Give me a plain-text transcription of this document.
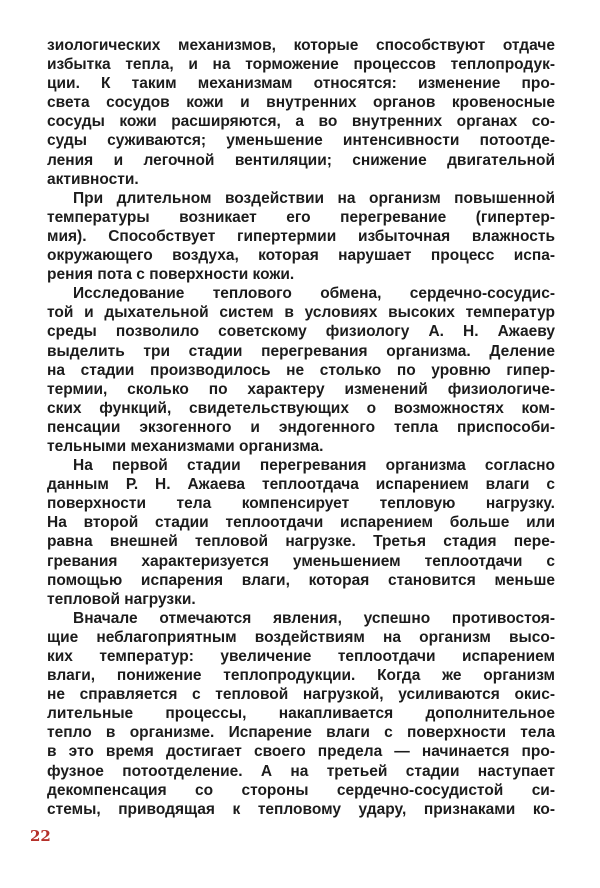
зиологических механизмов, которые способствуют отдаче
избытка тепла, и на торможение процессов теплопродук-
ции. К таким механизмам относятся: изменение про-
света сосудов кожи и внутренних органов кровеносные
сосуды кожи расширяются, а во внутренних органах со-
суды суживаются; уменьшение интенсивности потоотде-
ления и легочной вентиляции; снижение двигательной
активности.
При длительном воздействии на организм повышенной
температуры возникает его перегревание (гипертер-
мия). Способствует гипертермии избыточная влажность
окружающего воздуха, которая нарушает процесс испа-
рения пота с поверхности кожи.
Исследование теплового обмена, сердечно-сосудис-
той и дыхательной систем в условиях высоких температур
среды позволило советскому физиологу А. Н. Ажаеву
выделить три стадии перегревания организма. Деление
на стадии производилось не столько по уровню гипер-
термии, сколько по характеру изменений физиологиче-
ских функций, свидетельствующих о возможностях ком-
пенсации экзогенного и эндогенного тепла приспособи-
тельными механизмами организма.
На первой стадии перегревания организма согласно
данным Р. Н. Ажаева теплоотдача испарением влаги с
поверхности тела компенсирует тепловую нагрузку.
На второй стадии теплоотдачи испарением больше или
равна внешней тепловой нагрузке. Третья стадия пере-
гревания характеризуется уменьшением теплоотдачи с
помощью испарения влаги, которая становится меньше
тепловой нагрузки.
Вначале отмечаются явления, успешно противостоя-
щие неблагоприятным воздействиям на организм высо-
ких температур: увеличение теплоотдачи испарением
влаги, понижение теплопродукции. Когда же организм
не справляется с тепловой нагрузкой, усиливаются окис-
лительные процессы, накапливается дополнительное
тепло в организме. Испарение влаги с поверхности тела
в это время достигает своего предела — начинается про-
фузное потоотделение. А на третьей стадии наступает
декомпенсация со стороны сердечно-сосудистой си-
стемы, приводящая к тепловому удару, признаками ко-
22
